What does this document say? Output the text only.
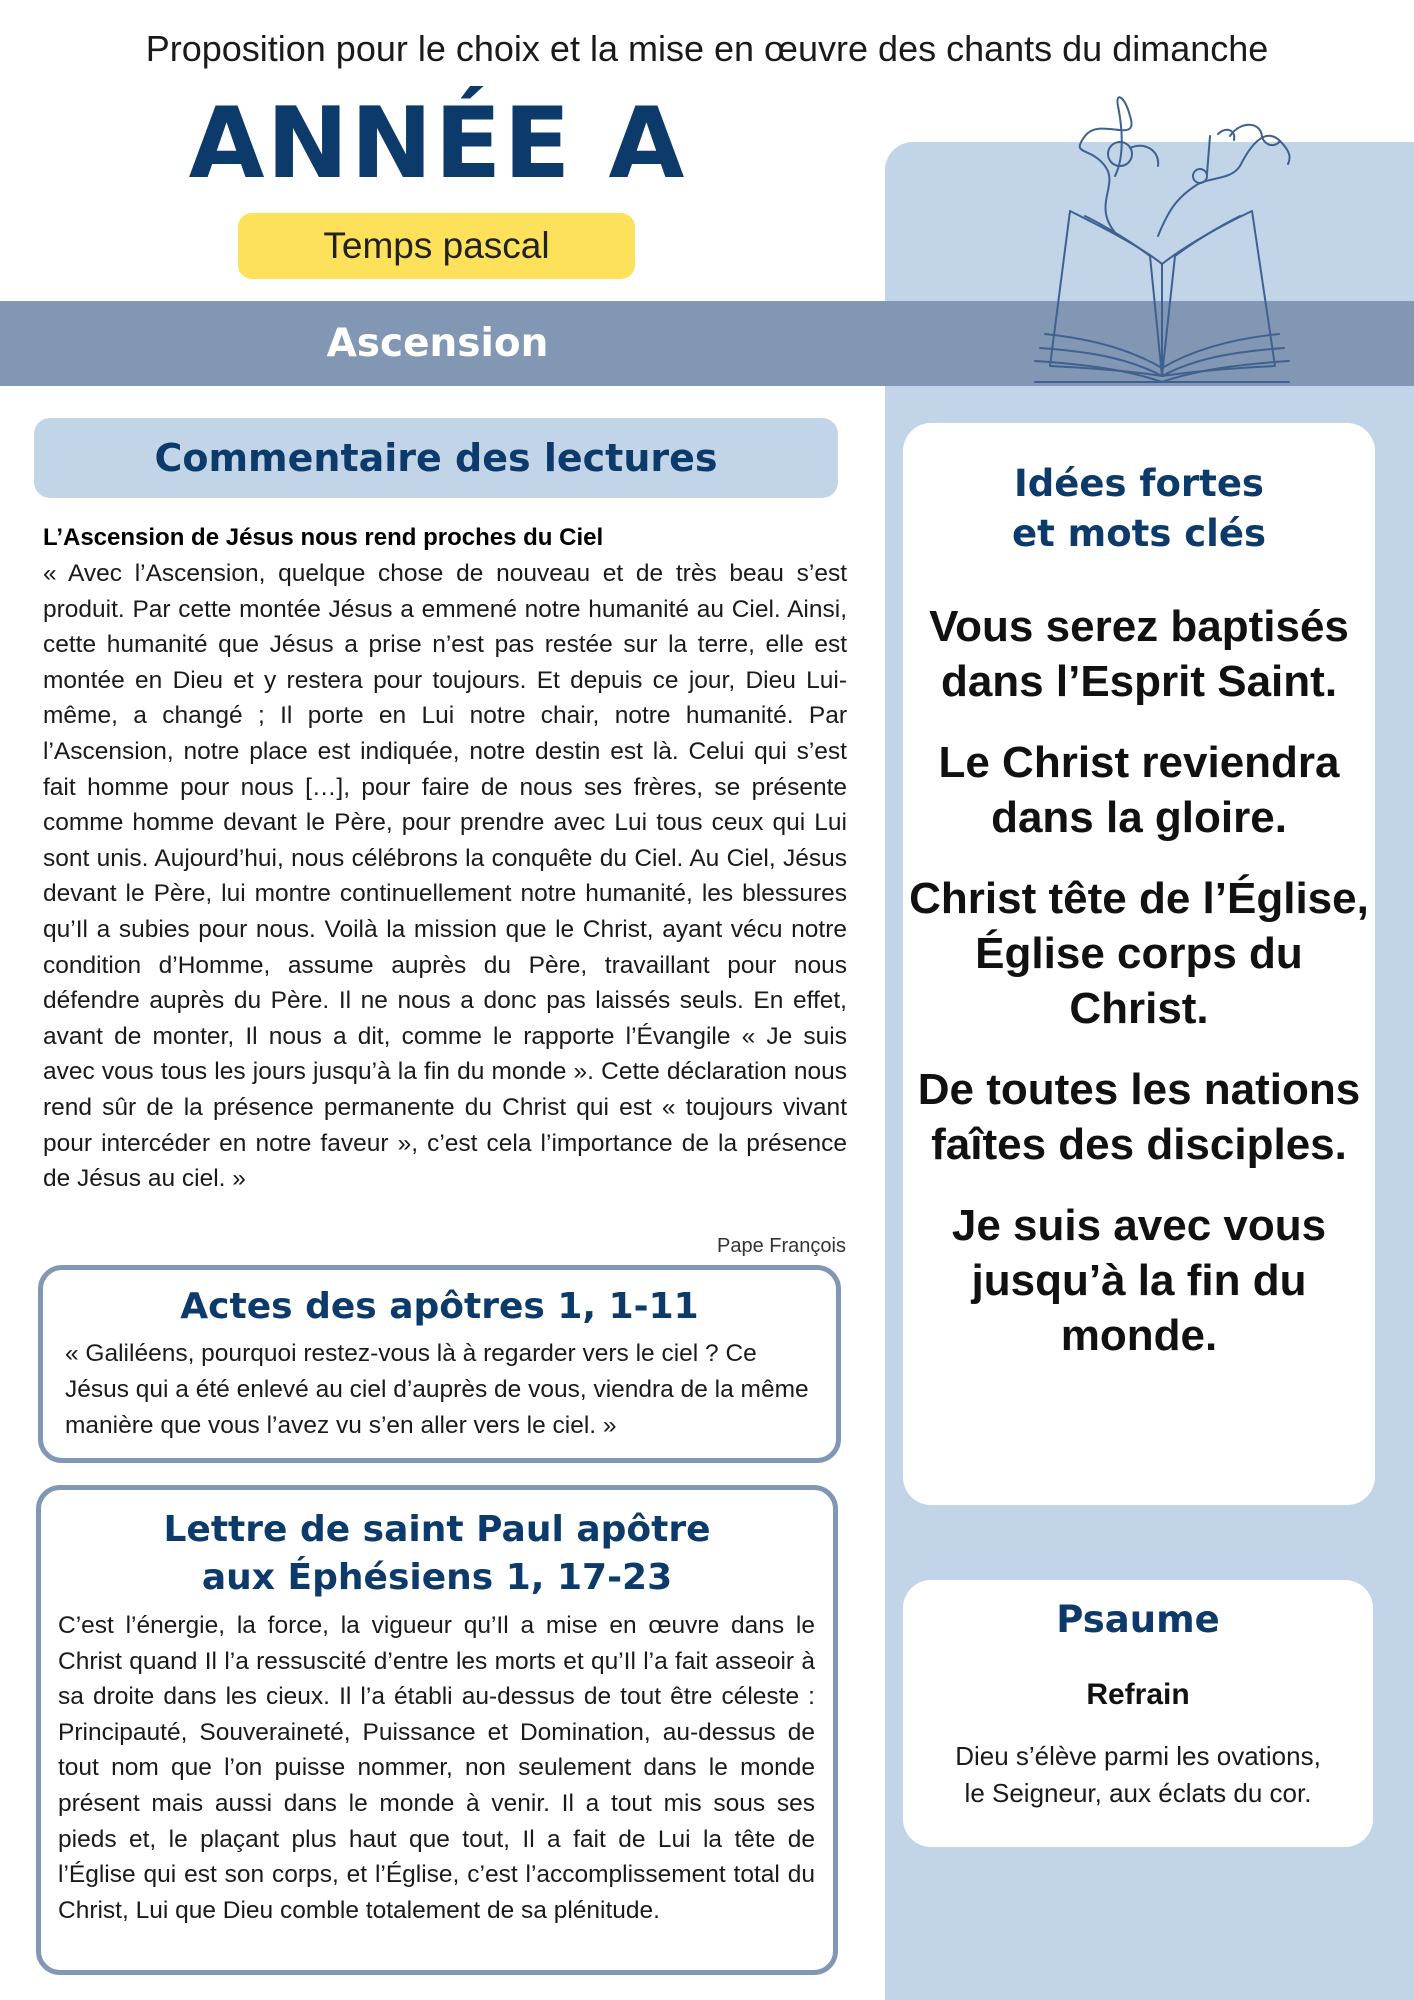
Proposition pour le choix et la mise en œuvre des chants du dimanche
ANNÉE A
Temps pascal
Ascension
Commentaire des lectures
L’Ascension de Jésus nous rend proches du Ciel
« Avec l’Ascension, quelque chose de nouveau et de très beau s’est produit. Par cette montée Jésus a emmené notre humanité au Ciel. Ainsi, cette humanité que Jésus a prise n’est pas restée sur la terre, elle est montée en Dieu et y restera pour toujours. Et depuis ce jour, Dieu Lui-même, a changé ; Il porte en Lui notre chair, notre humanité. Par l’Ascension, notre place est indiquée, notre destin est là. Celui qui s’est fait homme pour nous […], pour faire de nous ses frères, se présente comme homme devant le Père, pour prendre avec Lui tous ceux qui Lui sont unis. Aujourd’hui, nous célébrons la conquête du Ciel. Au Ciel, Jésus devant le Père, lui montre continuellement notre humanité, les blessures qu’Il a subies pour nous. Voilà la mission que le Christ, ayant vécu notre condition d’Homme, assume auprès du Père, travaillant pour nous défendre auprès du Père. Il ne nous a donc pas laissés seuls. En effet, avant de monter, Il nous a dit, comme le rapporte l’Évangile « Je suis avec vous tous les jours jusqu’à la fin du monde ». Cette déclaration nous rend sûr de la présence permanente du Christ qui est « toujours vivant pour intercéder en notre faveur », c’est cela l’importance de la présence de Jésus au ciel. »
Pape François
Actes des apôtres 1, 1-11
« Galiléens, pourquoi restez-vous là à regarder vers le ciel ? Ce Jésus qui a été enlevé au ciel d’auprès de vous, viendra de la même manière que vous l’avez vu s’en aller vers le ciel. »
Lettre de saint Paul apôtre
aux Éphésiens 1, 17-23
C’est l’énergie, la force, la vigueur qu’Il a mise en œuvre dans le Christ quand Il l’a ressuscité d’entre les morts et qu’Il l’a fait asseoir à sa droite dans les cieux. Il l’a établi au-dessus de tout être céleste : Principauté, Souveraineté, Puissance et Domination, au-dessus de tout nom que l’on puisse nommer, non seulement dans le monde présent mais aussi dans le monde à venir. Il a tout mis sous ses pieds et, le plaçant plus haut que tout, Il a fait de Lui la tête de l’Église qui est son corps, et l’Église, c’est l’accomplissement total du Christ, Lui que Dieu comble totalement de sa plénitude.
Idées fortes
et mots clés
Vous serez baptisés dans l’Esprit Saint.
Le Christ reviendra dans la gloire.
Christ tête de l’Église, Église corps du Christ.
De toutes les nations faîtes des disciples.
Je suis avec vous jusqu’à la fin du monde.
Psaume
Refrain
Dieu s’élève parmi les ovations,
le Seigneur, aux éclats du cor.
